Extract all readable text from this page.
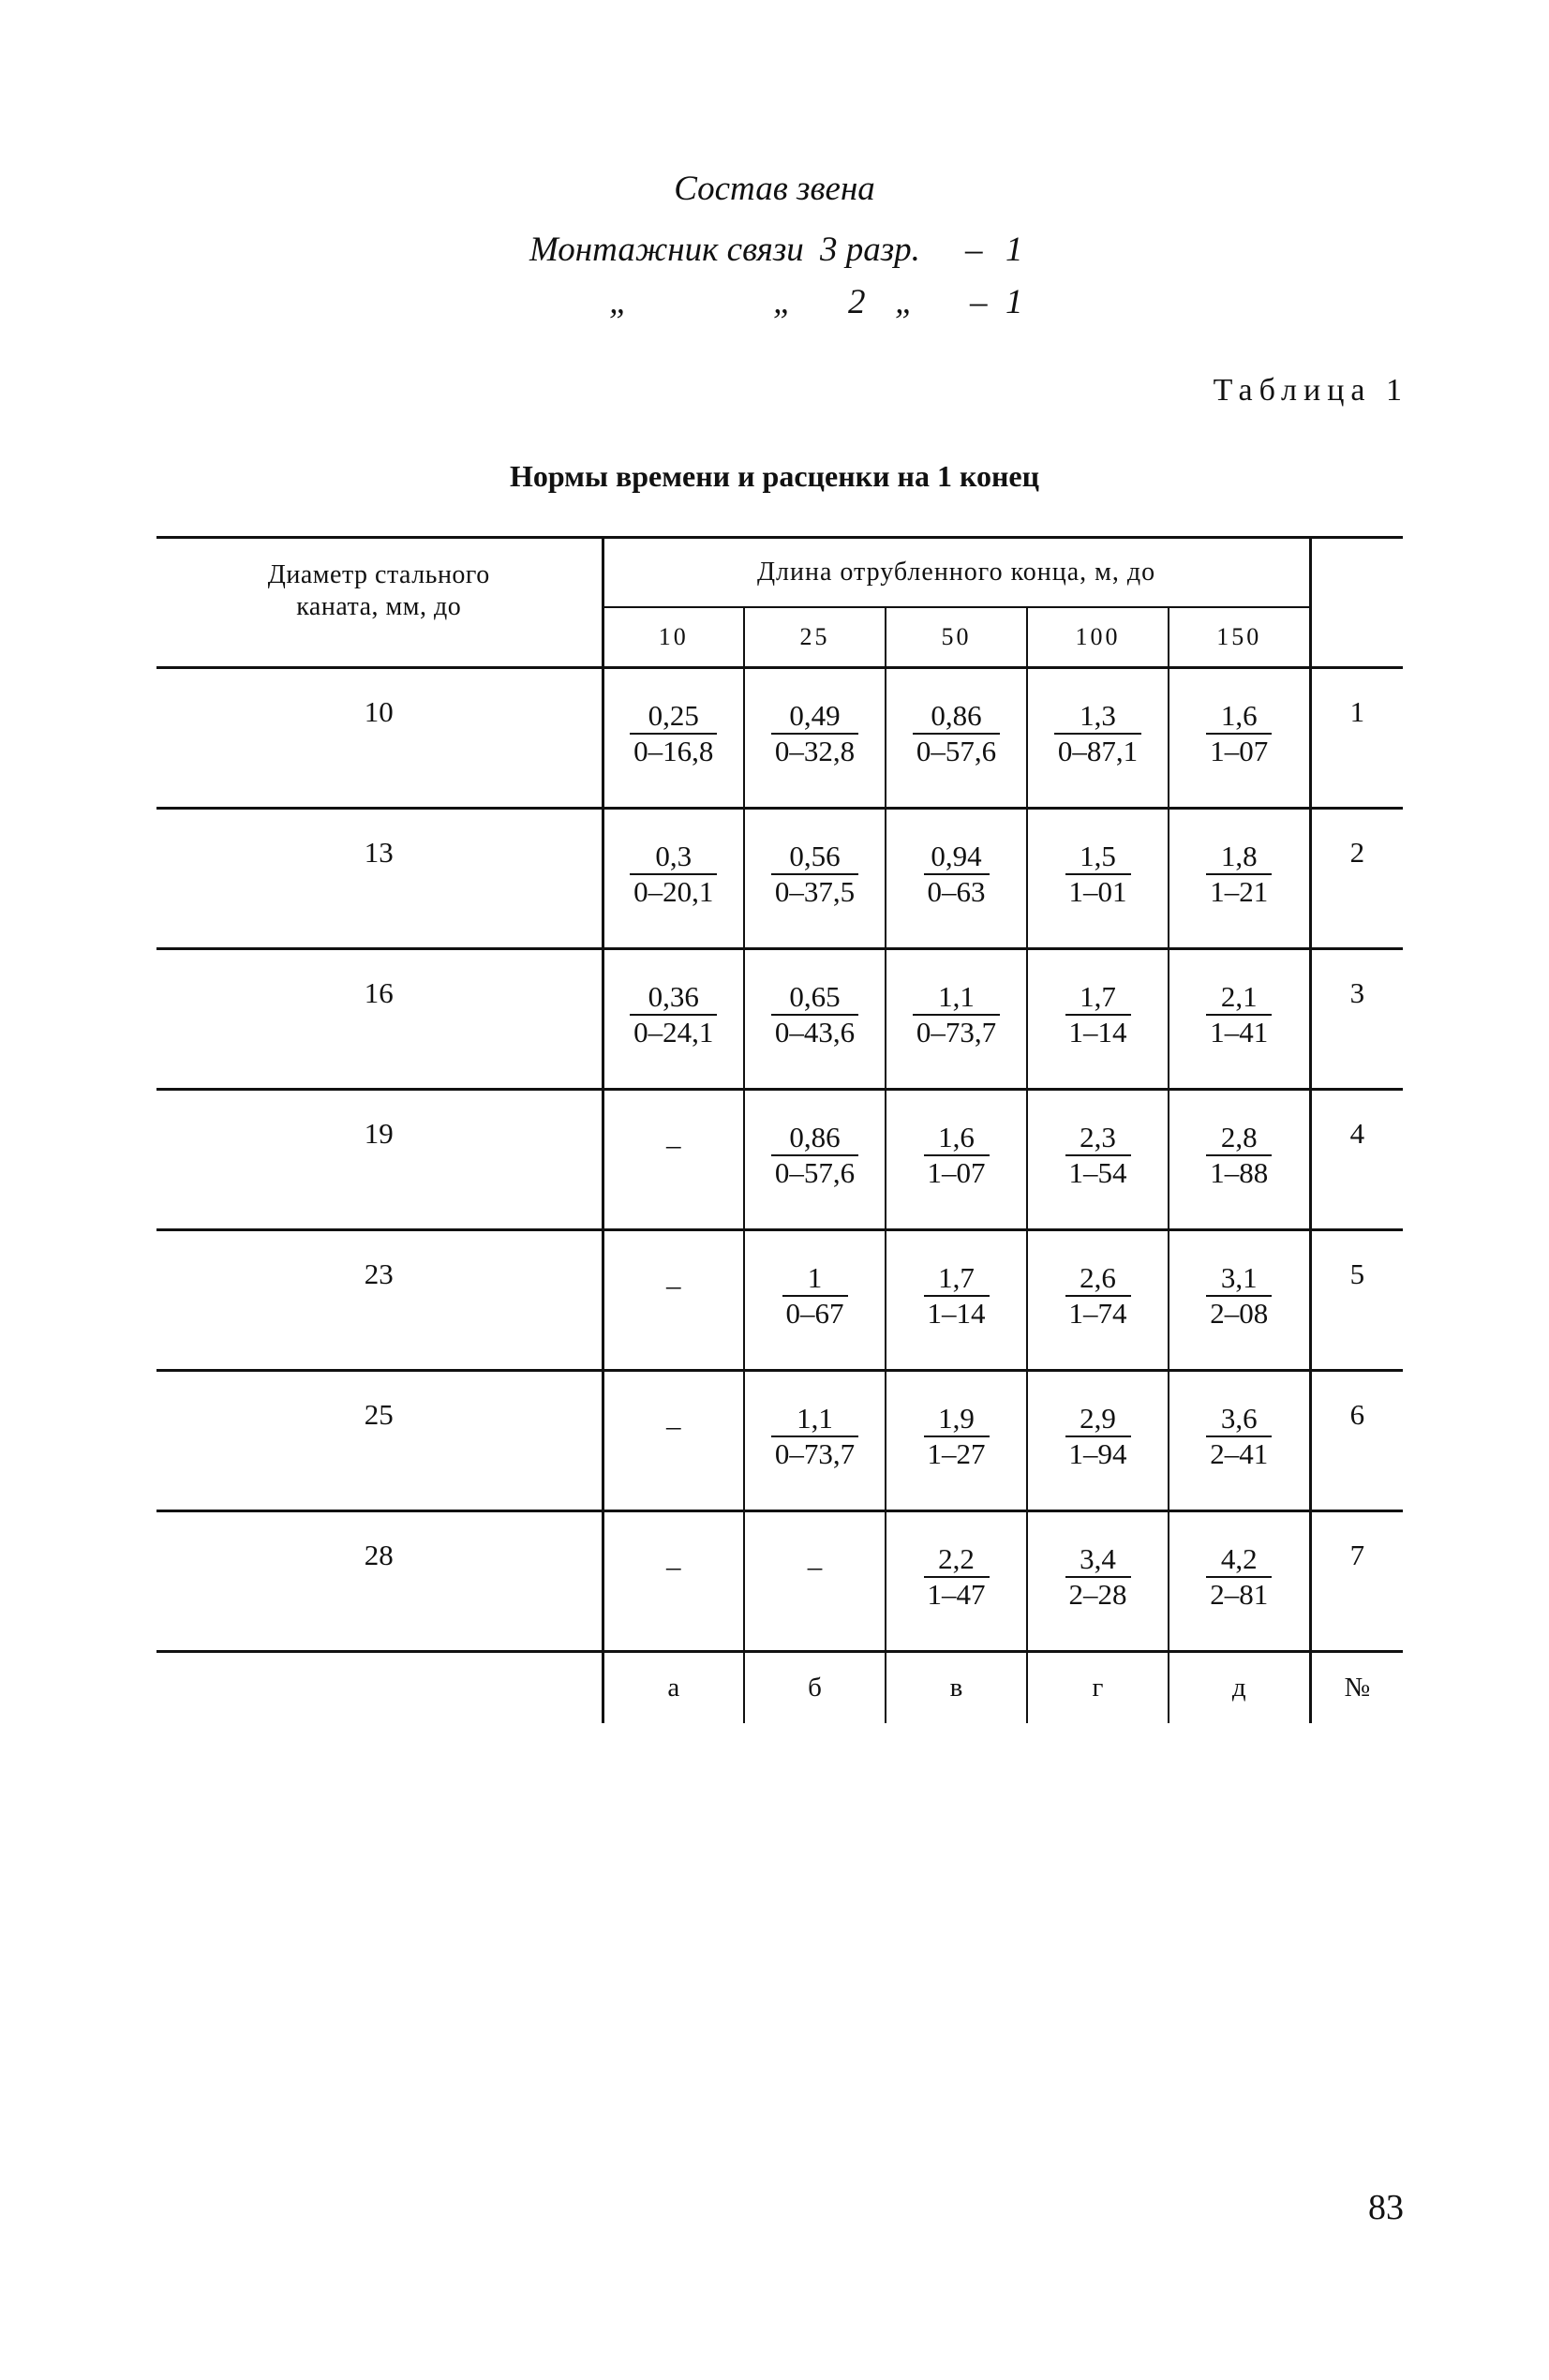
Состав звена
Монтажник связи 3 разр. – 1
„	„ 2 „ – 1
Таблица 1
Нормы времени и расценки на 1 конец
Диаметр стального
каната, мм, до	Длина отрубленного конца, м, до					
	10	25	50	100	150	
10	$\frac{0,25}{0-16,8}$	$\frac{0,49}{0-32,8}$	$\frac{0,86}{0-57,6}$	$\frac{1,3}{0-87,1}$	$\frac{1,6}{1-07}$	1
13	$\frac{0,3}{0-20,1}$	$\frac{0,56}{0-37,5}$	$\frac{0,94}{0-63}$	$\frac{1,5}{1-01}$	$\frac{1,8}{1-21}$	2
16	$\frac{0,36}{0-24,1}$	$\frac{0,65}{0-43,6}$	$\frac{1,1}{0-73,7}$	$\frac{1,7}{1-14}$	$\frac{2,1}{1-41}$	3
19	–	$\frac{0,86}{0-57,6}$	$\frac{1,6}{1-07}$	$\frac{2,3}{1-54}$	$\frac{2,8}{1-88}$	4
23	–	$\frac{1}{0-67}$	$\frac{1,7}{1-14}$	$\frac{2,6}{1-74}$	$\frac{3,1}{2-08}$	5
25	–	$\frac{1,1}{0-73,7}$	$\frac{1,9}{1-27}$	$\frac{2,9}{1-94}$	$\frac{3,6}{2-41}$	6
28	–	–	$\frac{2,2}{1-47}$	$\frac{3,4}{2-28}$	$\frac{4,2}{2-81}$	7
	а	б	в	г	д	№
83
